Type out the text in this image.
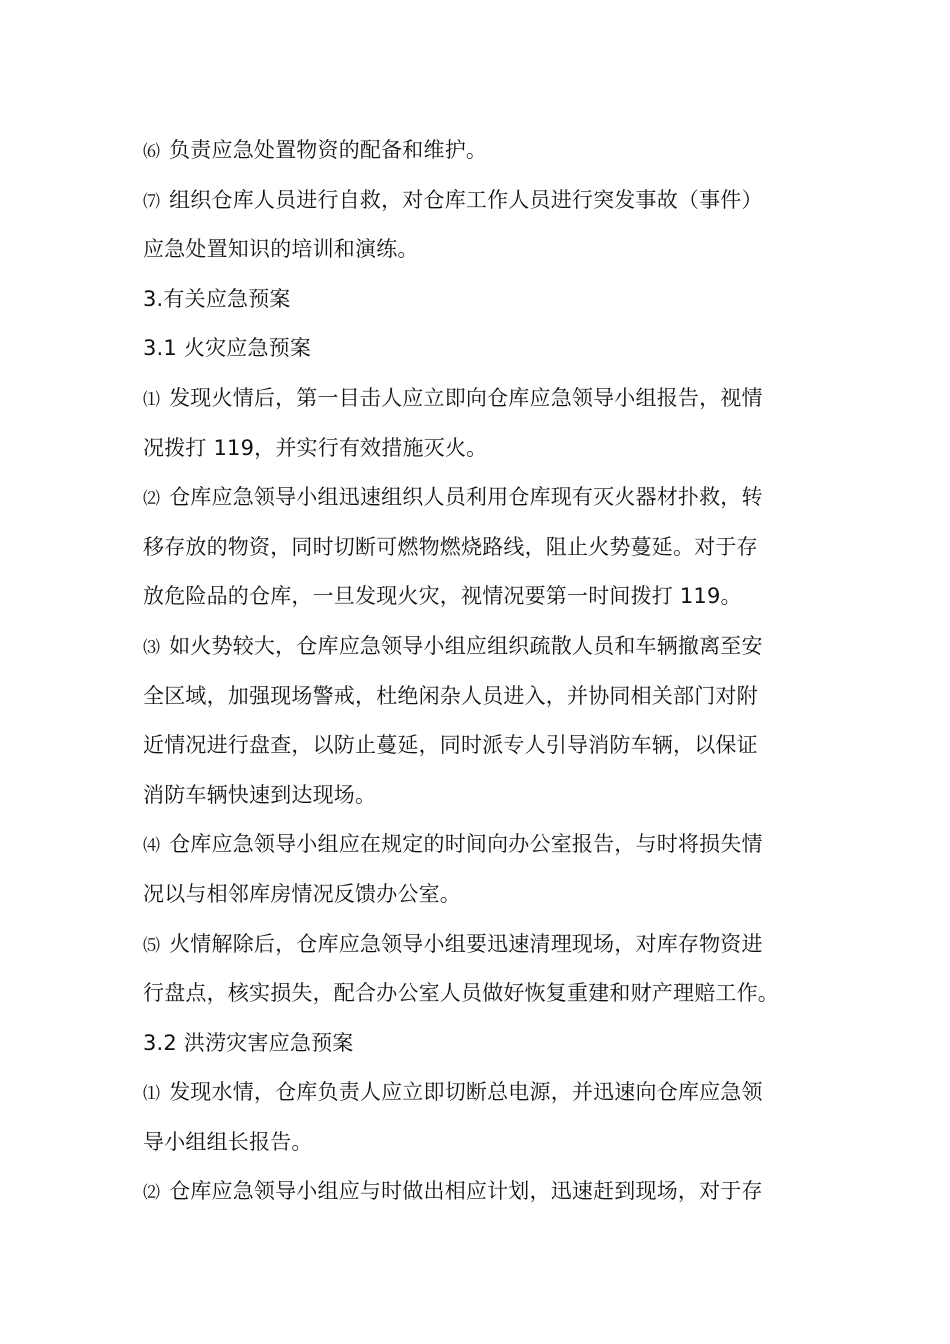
⑹ 负责应急处置物资的配备和维护。
⑺ 组织仓库人员进行自救，对仓库工作人员进行突发事故（事件）
应急处置知识的培训和演练。
3.有关应急预案
3.1 火灾应急预案
⑴ 发现火情后，第一目击人应立即向仓库应急领导小组报告，视情
况拨打 119，并实行有效措施灭火。
⑵ 仓库应急领导小组迅速组织人员利用仓库现有灭火器材扑救，转
移存放的物资，同时切断可燃物燃烧路线，阻止火势蔓延。对于存
放危险品的仓库，一旦发现火灾，视情况要第一时间拨打 119。
⑶ 如火势较大，仓库应急领导小组应组织疏散人员和车辆撤离至安
全区域，加强现场警戒，杜绝闲杂人员进入，并协同相关部门对附
近情况进行盘查，以防止蔓延，同时派专人引导消防车辆，以保证
消防车辆快速到达现场。
⑷ 仓库应急领导小组应在规定的时间向办公室报告，与时将损失情
况以与相邻库房情况反馈办公室。
⑸ 火情解除后，仓库应急领导小组要迅速清理现场，对库存物资进
行盘点，核实损失，配合办公室人员做好恢复重建和财产理赔工作。
3.2 洪涝灾害应急预案
⑴ 发现水情，仓库负责人应立即切断总电源，并迅速向仓库应急领
导小组组长报告。
⑵ 仓库应急领导小组应与时做出相应计划，迅速赶到现场，对于存
